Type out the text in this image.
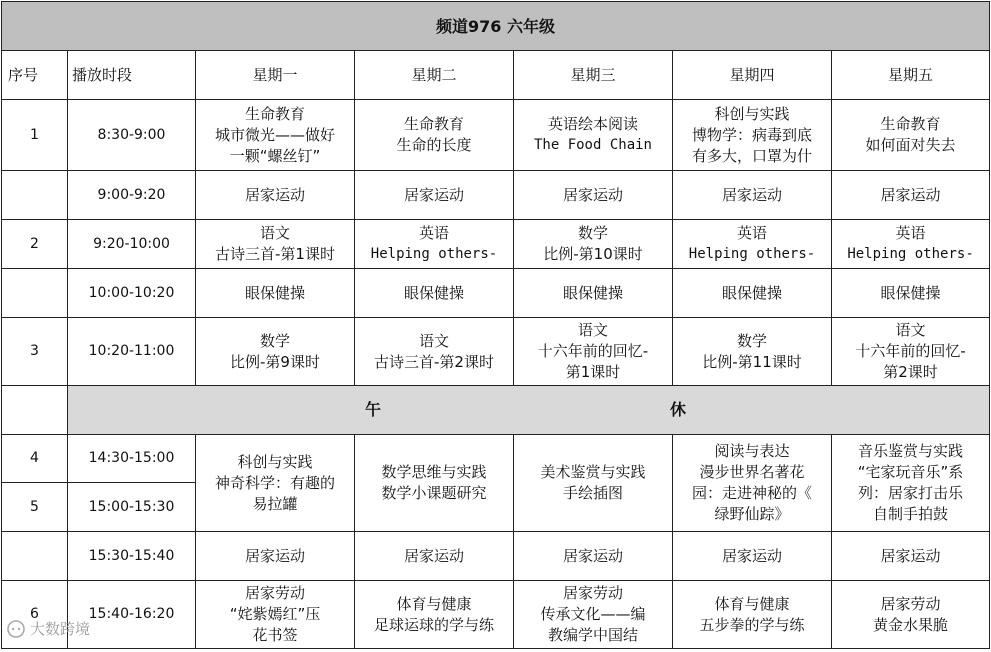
频道976 六年级						
序号	播放时段	星期一	星期二	星期三	星期四	星期五
1	8:30-9:00	生命教育
城市微光——做好
一颗“螺丝钉”	生命教育
生命的长度	英语绘本阅读
The Food Chain	科创与实践
博物学：病毒到底
有多大，口罩为什	生命教育
如何面对失去

	9:00-9:20	居家运动	居家运动	居家运动	居家运动	居家运动

2	9:20-10:00	语文
古诗三首-第1课时	英语
Helping others-	数学
比例-第10课时	英语
Helping others-	英语
Helping others-

	10:00-10:20	眼保健操	眼保健操	眼保健操	眼保健操	眼保健操

3	10:20-11:00	数学
比例-第9课时	语文
古诗三首-第2课时	语文
十六年前的回忆-
第1课时	数学
比例-第11课时	语文
十六年前的回忆-
第2课时

	午 休					

4	14:30-15:00	科创与实践
神奇科学：有趣的
易拉罐	数学思维与实践
数学小课题研究	美术鉴赏与实践
手绘插图	阅读与表达
漫步世界名著花
园：走进神秘的《
绿野仙踪》	音乐鉴赏与实践
“宅家玩音乐”系
列：居家打击乐
自制手拍鼓

5	15:00-15:30					
	15:30-15:40	居家运动	居家运动	居家运动	居家运动	居家运动

6	15:40-16:20	居家劳动
“姹紫嫣红”压
花书签	体育与健康
足球运球的学与练	居家劳动
传承文化——编
教编学中国结	体育与健康
五步拳的学与练	居家劳动
黄金水果脆
大数跨境
